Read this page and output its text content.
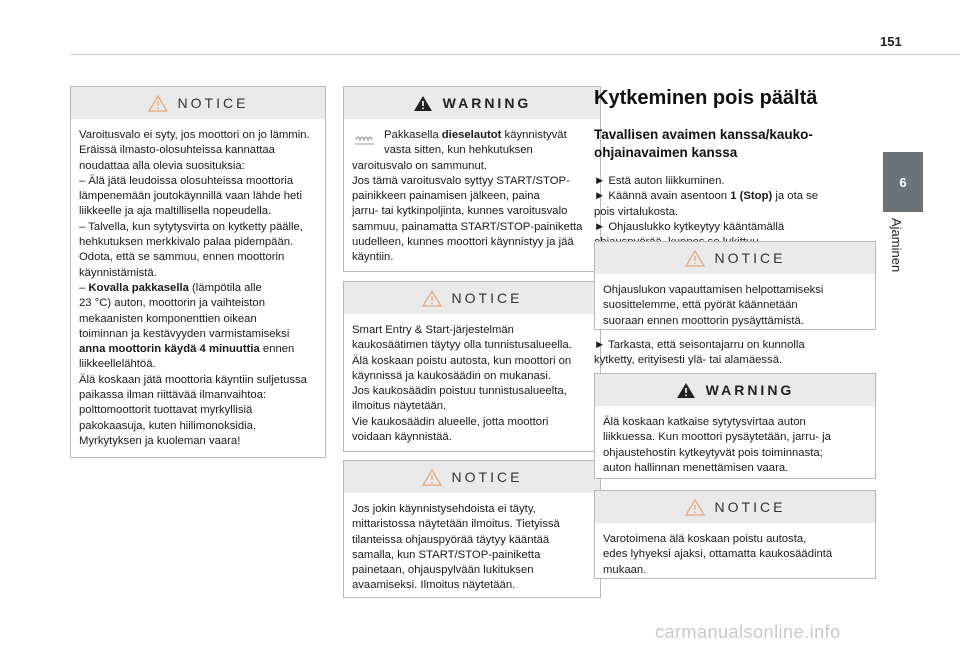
151
6
Ajaminen
NOTICE

Varoitusvalo ei syty, jos moottori on jo lämmin.

Eräissä ilmasto-olosuhteissa kannattaa

noudattaa alla olevia suosituksia:

– Älä jätä leudoissa olosuhteissa moottoria

lämpenemään joutokäynnillä vaan lähde heti

liikkeelle ja aja maltillisella nopeudella.

– Talvella, kun sytytysvirta on kytketty päälle,

hehkutuksen merkkivalo palaa pidempään.

Odota, että se sammuu, ennen moottorin

käynnistämistä.

– Kovalla pakkasella (lämpötila alle

23 °C) auton, moottorin ja vaihteiston

mekaanisten komponenttien oikean

toiminnan ja kestävyyden varmistamiseksi

anna moottorin käydä 4 minuuttia ennen

liikkeellelähtöä.

Älä koskaan jätä moottoria käyntiin suljetussa

paikassa ilman riittävää ilmanvaihtoa:

polttomoottorit tuottavat myrkyllisiä

pakokaasuja, kuten hiilimonoksidia.

Myrkytyksen ja kuoleman vaara!

WARNING

Pakkasella dieselautot käynnistyvät

vasta sitten, kun hehkutuksen

varoitusvalo on sammunut.

Jos tämä varoitusvalo syttyy START/STOP-

painikkeen painamisen jälkeen, paina

jarru- tai kytkinpoljinta, kunnes varoitusvalo

sammuu, painamatta START/STOP-painiketta

uudelleen, kunnes moottori käynnistyy ja jää

käyntiin.

NOTICE

Smart Entry & Start-järjestelmän

kaukosäätimen täytyy olla tunnistusalueella.

Älä koskaan poistu autosta, kun moottori on

käynnissä ja kaukosäädin on mukanasi.

Jos kaukosäädin poistuu tunnistusalueelta,

ilmoitus näytetään.

Vie kaukosäädin alueelle, jotta moottori

voidaan käynnistää.

NOTICE

Jos jokin käynnistysehdoista ei täyty,

mittaristossa näytetään ilmoitus. Tietyissä

tilanteissa ohjauspyörää täytyy kääntää

samalla, kun START/STOP-painiketta

painetaan, ohjauspylvään lukituksen

avaamiseksi. Ilmoitus näytetään.

Kytkeminen pois päältä
Tavallisen avaimen kanssa/kauko-
ohjainavaimen kanssa

► Estä auton liikkuminen.

► Käännä avain asentoon 1 (Stop) ja ota se

pois virtalukosta.

► Ohjauslukko kytkeytyy kääntämällä

NOTICE

Ohjauslukon vapauttamisen helpottamiseksi

suosittelemme, että pyörät käännetään

suoraan ennen moottorin pysäyttämistä.

► Tarkasta, että seisontajarru on kunnolla

kytketty, erityisesti ylä- tai alamäessä.

WARNING

Älä koskaan katkaise sytytysvirtaa auton

liikkuessa. Kun moottori pysäytetään, jarru- ja

ohjaustehostin kytkeytyvät pois toiminnasta;

auton hallinnan menettämisen vaara.

NOTICE

Varotoimena älä koskaan poistu autosta,

edes lyhyeksi ajaksi, ottamatta kaukosäädintä

mukaan.

carmanualsonline.info
